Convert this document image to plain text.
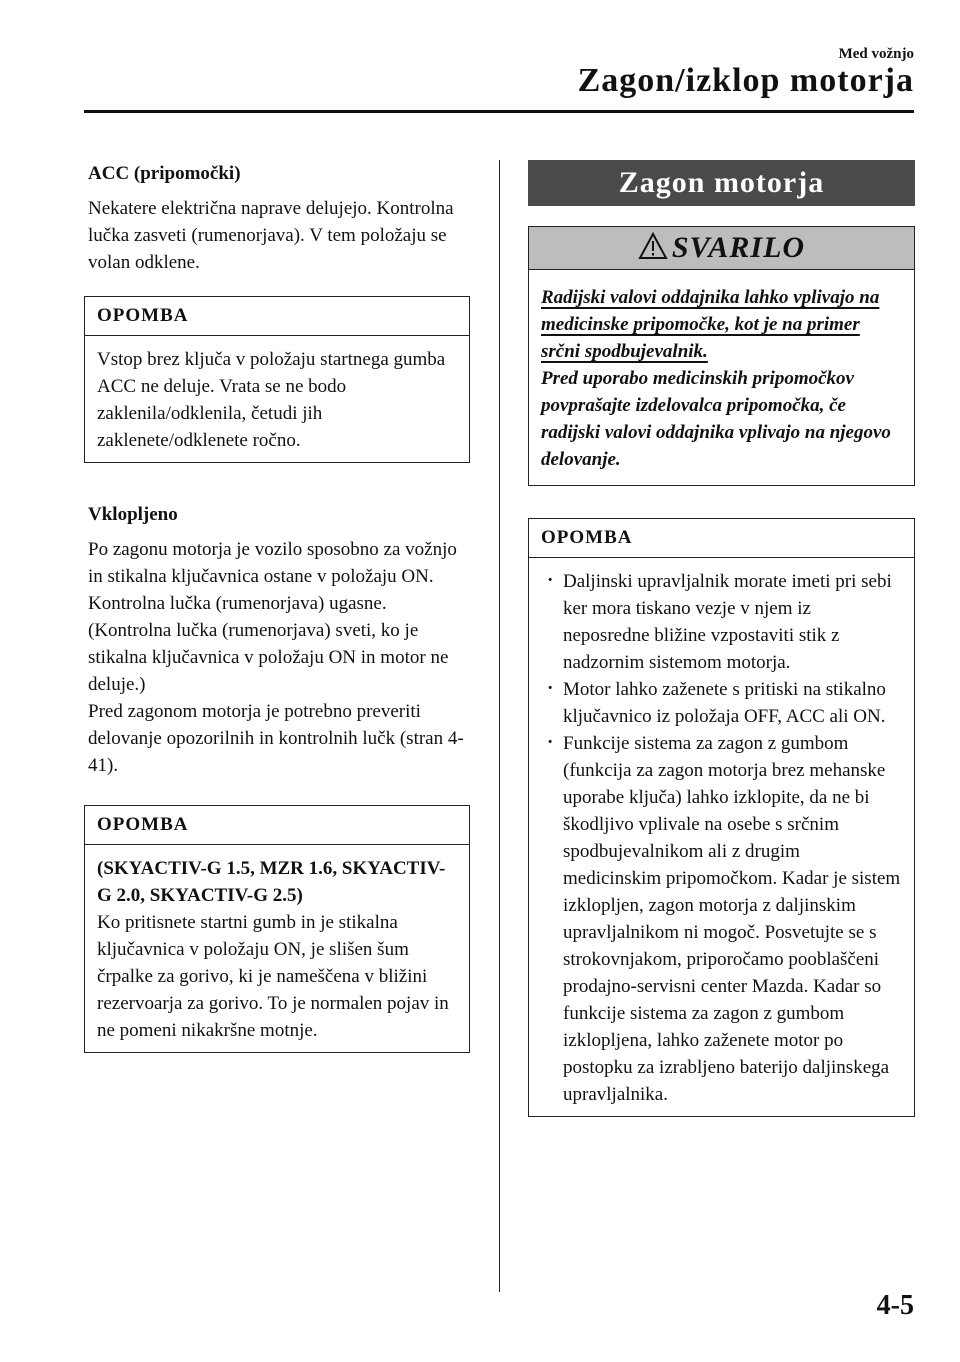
Med vožnjo
Zagon/izklop motorja
ACC (pripomočki)

Nekatere električna naprave delujejo. Kontrolna lučka zasveti (rumenorjava). V tem položaju se volan odklene.

OPOMBA
Vstop brez ključa v položaju startnega gumba ACC ne deluje. Vrata se ne bodo zaklenila/odklenila, četudi jih zaklenete/odklenete ročno.
Vklopljeno

Po zagonu motorja je vozilo sposobno za vožnjo in stikalna ključavnica ostane v položaju ON. Kontrolna lučka (rumenorjava) ugasne. (Kontrolna lučka (rumenorjava) sveti, ko je stikalna ključavnica v položaju ON in motor ne deluje.)

Pred zagonom motorja je potrebno preveriti delovanje opozorilnih in kontrolnih lučk (stran 4-41).

OPOMBA
(SKYACTIV-G 1.5, MZR 1.6, SKYACTIV-G 2.0, SKYACTIV-G 2.5)
Ko pritisnete startni gumb in je stikalna ključavnica v položaju ON, je slišen šum črpalke za gorivo, ki je nameščena v bližini rezervoarja za gorivo. To je normalen pojav in ne pomeni nikakršne motnje.
Zagon motorja
SVARILO
Radijski valovi oddajnika lahko vplivajo na medicinske pripomočke, kot je na primer srčni spodbujevalnik.
Pred uporabo medicinskih pripomočkov povprašajte izdelovalca pripomočka, če radijski valovi oddajnika vplivajo na njegovo delovanje.
OPOMBA
· Daljinski upravljalnik morate imeti pri sebi ker mora tiskano vezje v njem iz neposredne bližine vzpostaviti stik z nadzornim sistemom motorja.
· Motor lahko zaženete s pritiski na stikalno ključavnico iz položaja OFF, ACC ali ON.
· Funkcije sistema za zagon z gumbom (funkcija za zagon motorja brez mehanske uporabe ključa) lahko izklopite, da ne bi škodljivo vplivale na osebe s srčnim spodbujevalnikom ali z drugim medicinskim pripomočkom. Kadar je sistem izklopljen, zagon motorja z daljinskim upravljalnikom ni mogoč. Posvetujte se s strokovnjakom, priporočamo pooblaščeni prodajno-servisni center Mazda. Kadar so funkcije sistema za zagon z gumbom izklopljena, lahko zaženete motor po postopku za izrabljeno baterijo daljinskega upravljalnika.
4-5
